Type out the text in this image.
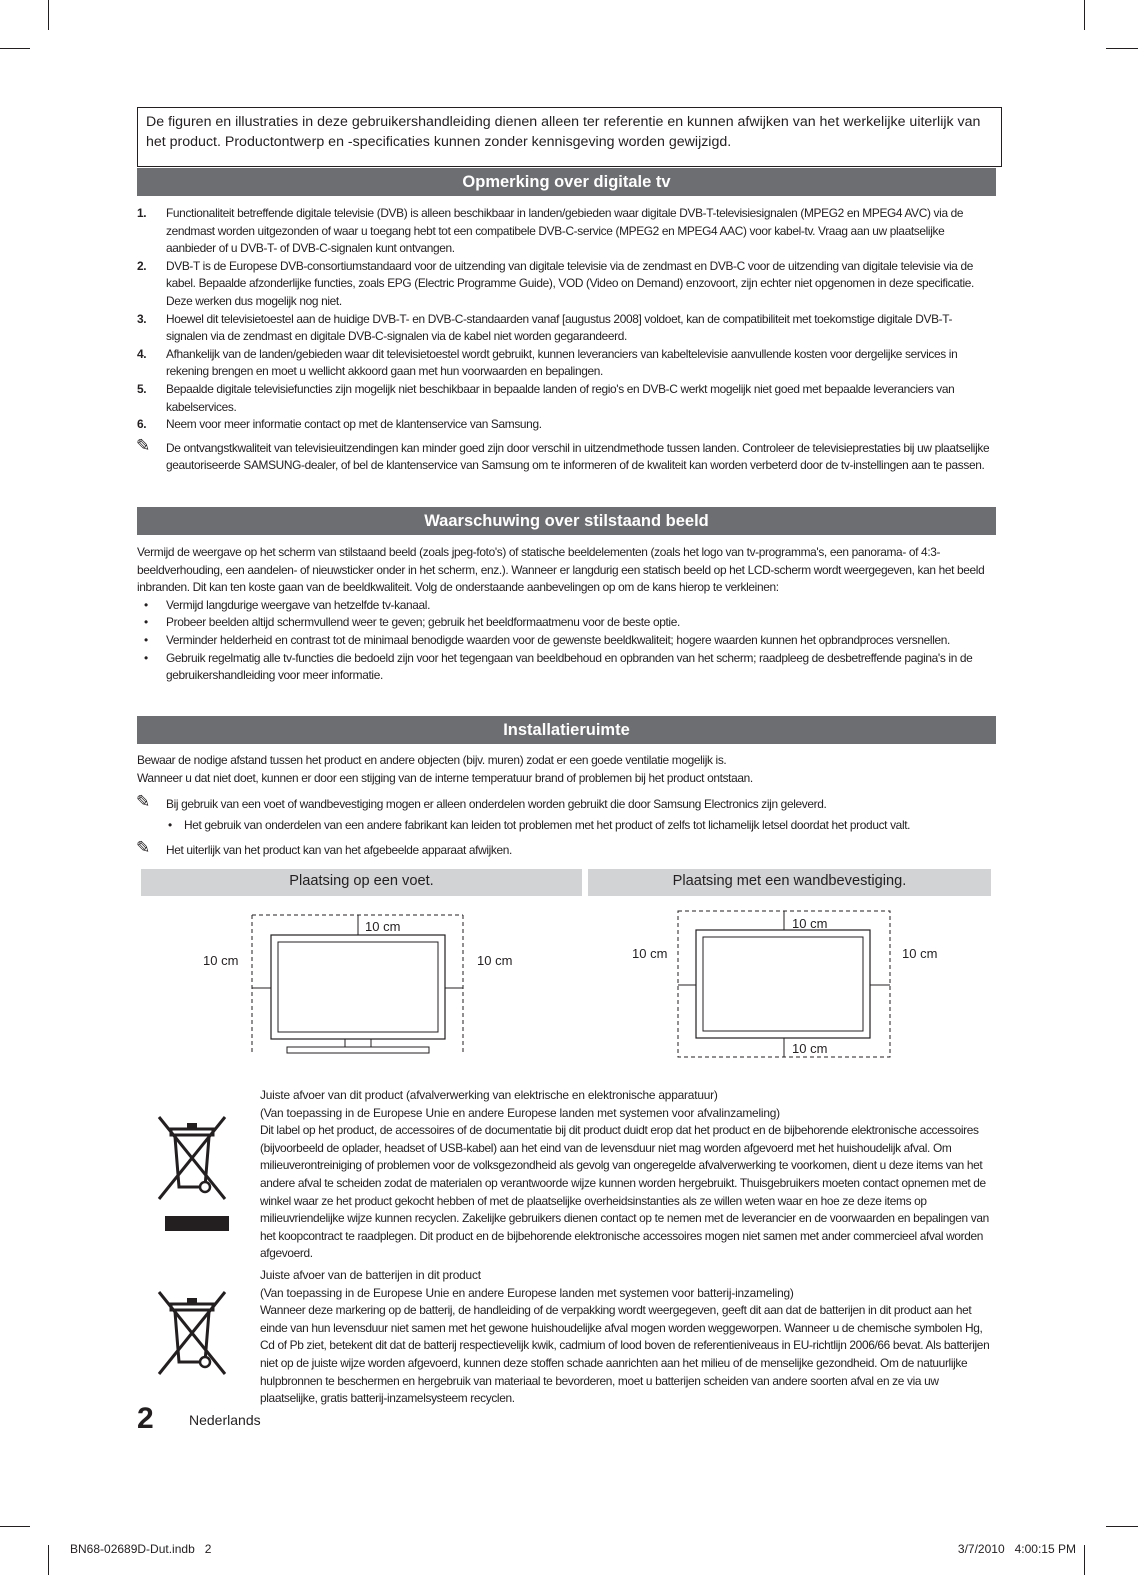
De figuren en illustraties in deze gebruikershandleiding dienen alleen ter referentie en kunnen afwijken van het werkelijke uiterlijk van het product. Productontwerp en -specificaties kunnen zonder kennisgeving worden gewijzigd.
Opmerking over digitale tv
1. Functionaliteit betreffende digitale televisie (DVB) is alleen beschikbaar in landen/gebieden waar digitale DVB-T-televisiesignalen (MPEG2 en MPEG4 AVC) via de zendmast worden uitgezonden of waar u toegang hebt tot een compatibele DVB-C-service (MPEG2 en MPEG4 AAC) voor kabel-tv. Vraag aan uw plaatselijke aanbieder of u DVB-T- of DVB-C-signalen kunt ontvangen.
2. DVB-T is de Europese DVB-consortiumstandaard voor de uitzending van digitale televisie via de zendmast en DVB-C voor de uitzending van digitale televisie via de kabel. Bepaalde afzonderlijke functies, zoals EPG (Electric Programme Guide), VOD (Video on Demand) enzovoort, zijn echter niet opgenomen in deze specificatie. Deze werken dus mogelijk nog niet.
3. Hoewel dit televisietoestel aan de huidige DVB-T- en DVB-C-standaarden vanaf [augustus 2008] voldoet, kan de compatibiliteit met toekomstige digitale DVB-T-signalen via de zendmast en digitale DVB-C-signalen via de kabel niet worden gegarandeerd.
4. Afhankelijk van de landen/gebieden waar dit televisietoestel wordt gebruikt, kunnen leveranciers van kabeltelevisie aanvullende kosten voor dergelijke services in rekening brengen en moet u wellicht akkoord gaan met hun voorwaarden en bepalingen.
5. Bepaalde digitale televisiefuncties zijn mogelijk niet beschikbaar in bepaalde landen of regio's en DVB-C werkt mogelijk niet goed met bepaalde leveranciers van kabelservices.
6. Neem voor meer informatie contact op met de klantenservice van Samsung.
✎ De ontvangstkwaliteit van televisieuitzendingen kan minder goed zijn door verschil in uitzendmethode tussen landen. Controleer de televisieprestaties bij uw plaatselijke geautoriseerde SAMSUNG-dealer, of bel de klantenservice van Samsung om te informeren of de kwaliteit kan worden verbeterd door de tv-instellingen aan te passen.
Waarschuwing over stilstaand beeld
Vermijd de weergave op het scherm van stilstaand beeld (zoals jpeg-foto's) of statische beeldelementen (zoals het logo van tv-programma's, een panorama- of 4:3-beeldverhouding, een aandelen- of nieuwsticker onder in het scherm, enz.). Wanneer er langdurig een statisch beeld op het LCD-scherm wordt weergegeven, kan het beeld inbranden. Dit kan ten koste gaan van de beeldkwaliteit. Volg de onderstaande aanbevelingen op om de kans hierop te verkleinen:
• Vermijd langdurige weergave van hetzelfde tv-kanaal.
• Probeer beelden altijd schermvullend weer te geven; gebruik het beeldformaatmenu voor de beste optie.
• Verminder helderheid en contrast tot de minimaal benodigde waarden voor de gewenste beeldkwaliteit; hogere waarden kunnen het opbrandproces versnellen.
• Gebruik regelmatig alle tv-functies die bedoeld zijn voor het tegengaan van beeldbehoud en opbranden van het scherm; raadpleeg de desbetreffende pagina's in de gebruikershandleiding voor meer informatie.
Installatieruimte
Bewaar de nodige afstand tussen het product en andere objecten (bijv. muren) zodat er een goede ventilatie mogelijk is.
Wanneer u dat niet doet, kunnen er door een stijging van de interne temperatuur brand of problemen bij het product ontstaan.
✎ Bij gebruik van een voet of wandbevestiging mogen er alleen onderdelen worden gebruikt die door Samsung Electronics zijn geleverd.
• Het gebruik van onderdelen van een andere fabrikant kan leiden tot problemen met het product of zelfs tot lichamelijk letsel doordat het product valt.
✎ Het uiterlijk van het product kan van het afgebeelde apparaat afwijken.
Plaatsing op een voet.	Plaatsing met een wandbevestiging.
10 cm
10 cm	10 cm
10 cm
10 cm
10 cm	10 cm
Juiste afvoer van dit product (afvalverwerking van elektrische en elektronische apparatuur)
(Van toepassing in de Europese Unie en andere Europese landen met systemen voor afvalinzameling)
Dit label op het product, de accessoires of de documentatie bij dit product duidt erop dat het product en de bijbehorende elektronische accessoires (bijvoorbeeld de oplader, headset of USB-kabel) aan het eind van de levensduur niet mag worden afgevoerd met het huishoudelijk afval. Om milieuverontreiniging of problemen voor de volksgezondheid als gevolg van ongeregelde afvalverwerking te voorkomen, dient u deze items van het andere afval te scheiden zodat de materialen op verantwoorde wijze kunnen worden hergebruikt. Thuisgebruikers moeten contact opnemen met de winkel waar ze het product gekocht hebben of met de plaatselijke overheidsinstanties als ze willen weten waar en hoe ze deze items op milieuvriendelijke wijze kunnen recyclen. Zakelijke gebruikers dienen contact op te nemen met de leverancier en de voorwaarden en bepalingen van het koopcontract te raadplegen. Dit product en de bijbehorende elektronische accessoires mogen niet samen met ander commercieel afval worden afgevoerd.
Juiste afvoer van de batterijen in dit product
(Van toepassing in de Europese Unie en andere Europese landen met systemen voor batterij-inzameling)
Wanneer deze markering op de batterij, de handleiding of de verpakking wordt weergegeven, geeft dit aan dat de batterijen in dit product aan het einde van hun levensduur niet samen met het gewone huishoudelijke afval mogen worden weggeworpen. Wanneer u de chemische symbolen Hg, Cd of Pb ziet, betekent dit dat de batterij respectievelijk kwik, cadmium of lood boven de referentieniveaus in EU-richtlijn 2006/66 bevat. Als batterijen niet op de juiste wijze worden afgevoerd, kunnen deze stoffen schade aanrichten aan het milieu of de menselijke gezondheid. Om de natuurlijke hulpbronnen te beschermen en hergebruik van materiaal te bevorderen, moet u batterijen scheiden van andere soorten afval en ze via uw plaatselijke, gratis batterij-inzamelsysteem recyclen.
2	Nederlands
BN68-02689D-Dut.indb   2	3/7/2010   4:00:15 PM
